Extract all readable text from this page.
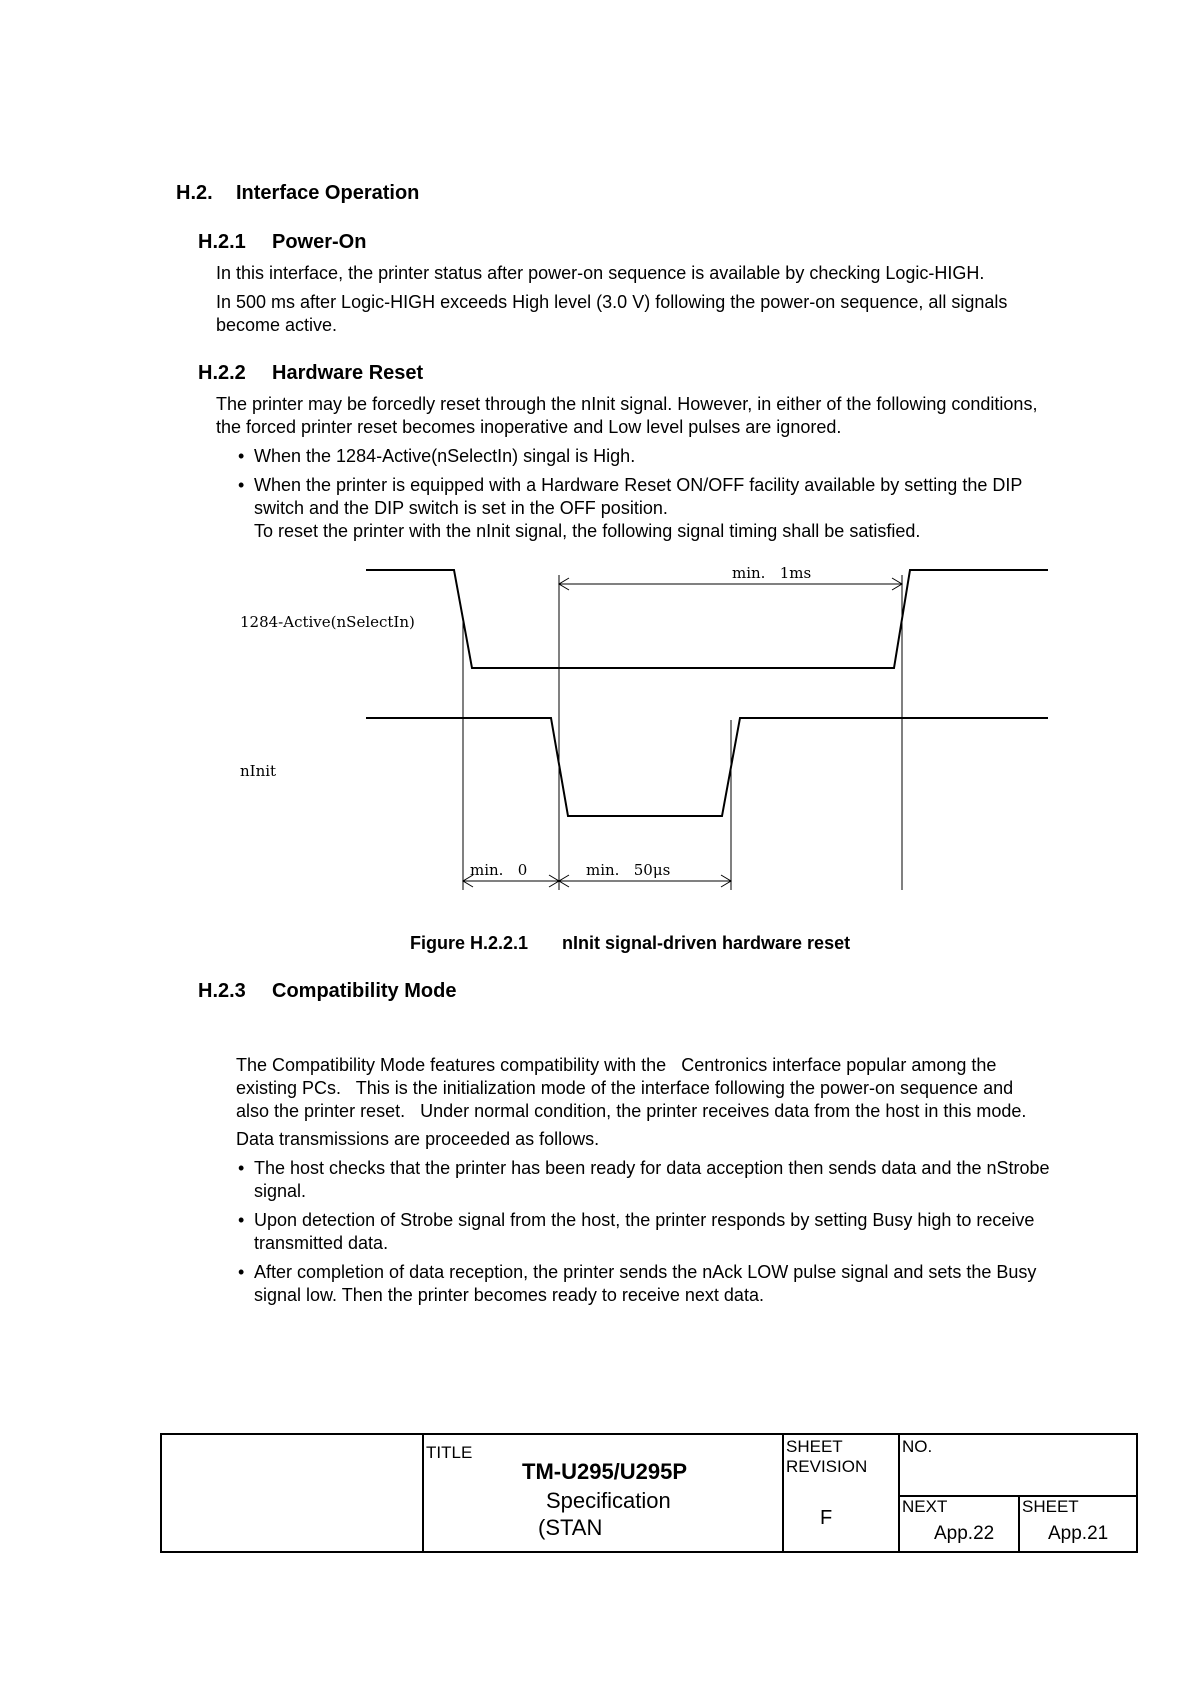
H.2. Interface Operation
H.2.1 Power-On
In this interface, the printer status after power-on sequence is available by checking Logic-HIGH.
In 500 ms after Logic-HIGH exceeds High level (3.0 V) following the power-on sequence, all signals
become active.
H.2.2 Hardware Reset
The printer may be forcedly reset through the nInit signal. However, in either of the following conditions,
the forced printer reset becomes inoperative and Low level pulses are ignored.
• When the 1284-Active(nSelectIn) singal is High.
• When the printer is equipped with a Hardware Reset ON/OFF facility available by setting the DIP
switch and the DIP switch is set in the OFF position.
To reset the printer with the nInit signal, the following signal timing shall be satisfied.
1284-Active(nSelectIn)
nInit
min.   1ms
min.   0	min.   50μs
Figure H.2.2.1 nInit signal-driven hardware reset
H.2.3 Compatibility Mode
The Compatibility Mode features compatibility with the   Centronics interface popular among the
existing PCs.   This is the initialization mode of the interface following the power-on sequence and
also the printer reset.   Under normal condition, the printer receives data from the host in this mode.
Data transmissions are proceeded as follows.
• The host checks that the printer has been ready for data acception then sends data and the nStrobe
signal.
• Upon detection of Strobe signal from the host, the printer responds by setting Busy high to receive
transmitted data.
• After completion of data reception, the printer sends the nAck LOW pulse signal and sets the Busy
signal low. Then the printer becomes ready to receive next data.
TITLE
TM-U295/U295P
Specification
(STAN
SHEET
REVISION
F
NO.
NEXT
App.22
SHEET
App.21
